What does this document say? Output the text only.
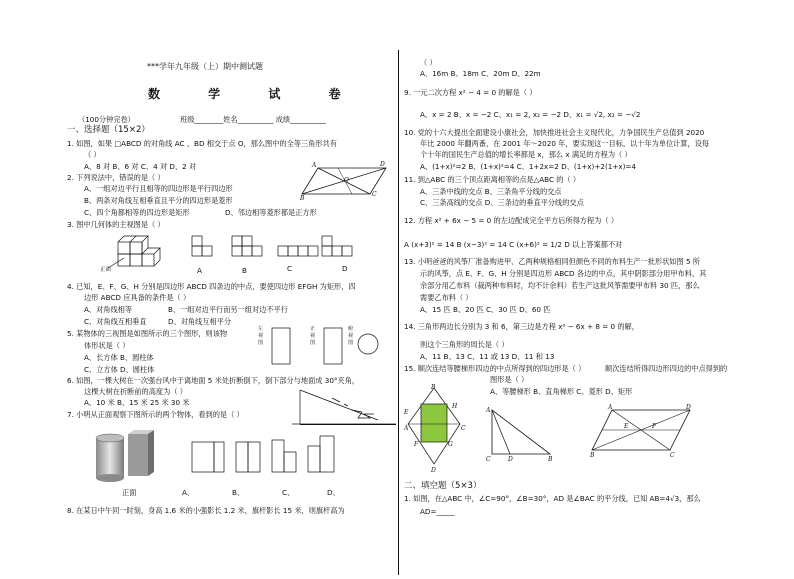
***学年九年级（上）期中测试题
数 学 试 卷
（100分钟完卷）	班级________姓名__________ 成绩__________
一、选择题（15×2）
1. 如图，如果 □ABCD 的对角线 AC 、BD 相交于点 O，那么图中的全等三角形共有
（ ）
A、8 对 B、6 对 C、4 对 D、2 对	A	D
C
B
O
2. 下列说法中，错误的是（ ）
A、一组对边平行且相等的四边形是平行四边形
B、两条对角线互相垂直且平分的四边形是菱形
C、四个角都相等的四边形是矩形	D、邻边相等菱形都是正方形
3. 图中几何体的主视图是（ ）
正面	A	B	C	D
4. 已知，E、F、G、H 分别是四边形 ABCD 四条边的中点，要使四边形 EFGH 为矩形，四
边形 ABCD 应具备的条件是（ ）
A、对角线相等	B、一组对边平行而另一组对边不平行
C、对角线互相垂直	D、对角线互相平分
5. 某物体的三视图是如图所示的三个图形，则该物
体形状是（ ）
A、长方体 B、圆柱体
C、立方体 D、圆柱体
左视图
正视图
俯视图
6. 如图，一棵大树在一次强台风中于离地面 5 米处折断倒下，倒下部分与地面成 30°夹角，
这棵大树在折断前的高度为（ ）
A、10 米 B、15 米 25 米 30 米
7. 小明从正面观察下图所示的两个物体，看到的是（ ）
正面	A、	B、	C、	D、
8. 在某日中午同一时刻，身高 1.6 米的小强影长 1.2 米，旗杆影长 15 米，则旗杆高为
（ ）
A、16m B、18m C、20m D、22m
9. 一元二次方程 x² − 4 = 0 的解是（ ）
A、x = 2 B、x = −2 C、x₁ = 2, x₂ = −2 D、x₁ = √2, x₂ = −√2
10. 党的十六大提出全面建设小康社会，加快推进社会主义现代化，力争国民生产总值到 2020
年比 2000 年翻两番，在 2001 年～2020 年，要实现这一目标，以十年为单位计算，设每
个十年的国民生产总值的增长率都是 x，那么 x 满足的方程为（ ）
A、(1+x)²=2 B、(1+x)²=4 C、1+2x=2 D、(1+x)+2(1+x)=4
11. 到△ABC 的三个顶点距离相等的点是△ABC 的（ ）
A、三条中线的交点 B、三条角平分线的交点
C、三条高线的交点 D、三条边的垂直平分线的交点
12. 方程 x² + 6x − 5 = 0 的左边配成完全平方后所得方程为（ ）
A (x+3)² = 14 B (x−3)² = 14 C (x+6)² = 1/2 D 以上答案都不对
13. 小明爸爸的风筝厂准备购进甲、乙两种规格相同但颜色不同的布料生产一批形状如图 5 所
示的风筝，点 E、F、G、H 分别是四边形 ABCD 各边的中点，其中阴影部分用甲布料，其
余部分用乙布料（裁两种布料时，均不计余料）若生产这批风筝需要甲布料 30 匹，那么
需要乙布料（ ）
A、15 匹 B、20 匹 C、30 匹 D、60 匹
14. 三角形两边长分别为 3 和 6，第三边是方程 x² − 6x + 8 = 0 的解，
则这个三角形的周长是（ ）
A、11 B、13 C、11 或 13 D、11 和 13
15. 顺次连结等腰梯形四边的中点所得到的四边形是（ ）	顺次连结所得四边形四边的中点得到的
图形是（ ）
A、等腰梯形 B、直角梯形 C、菱形 D、矩形
B
E
H
A	C
F	G
D
A
C	D	B
A	D
B	C
E	F
二、填空题（5×3）
1. 如图，在△ABC 中，∠C=90°，∠B=30°，AD 是∠BAC 的平分线，已知 AB=4√3，那么
AD=_____
